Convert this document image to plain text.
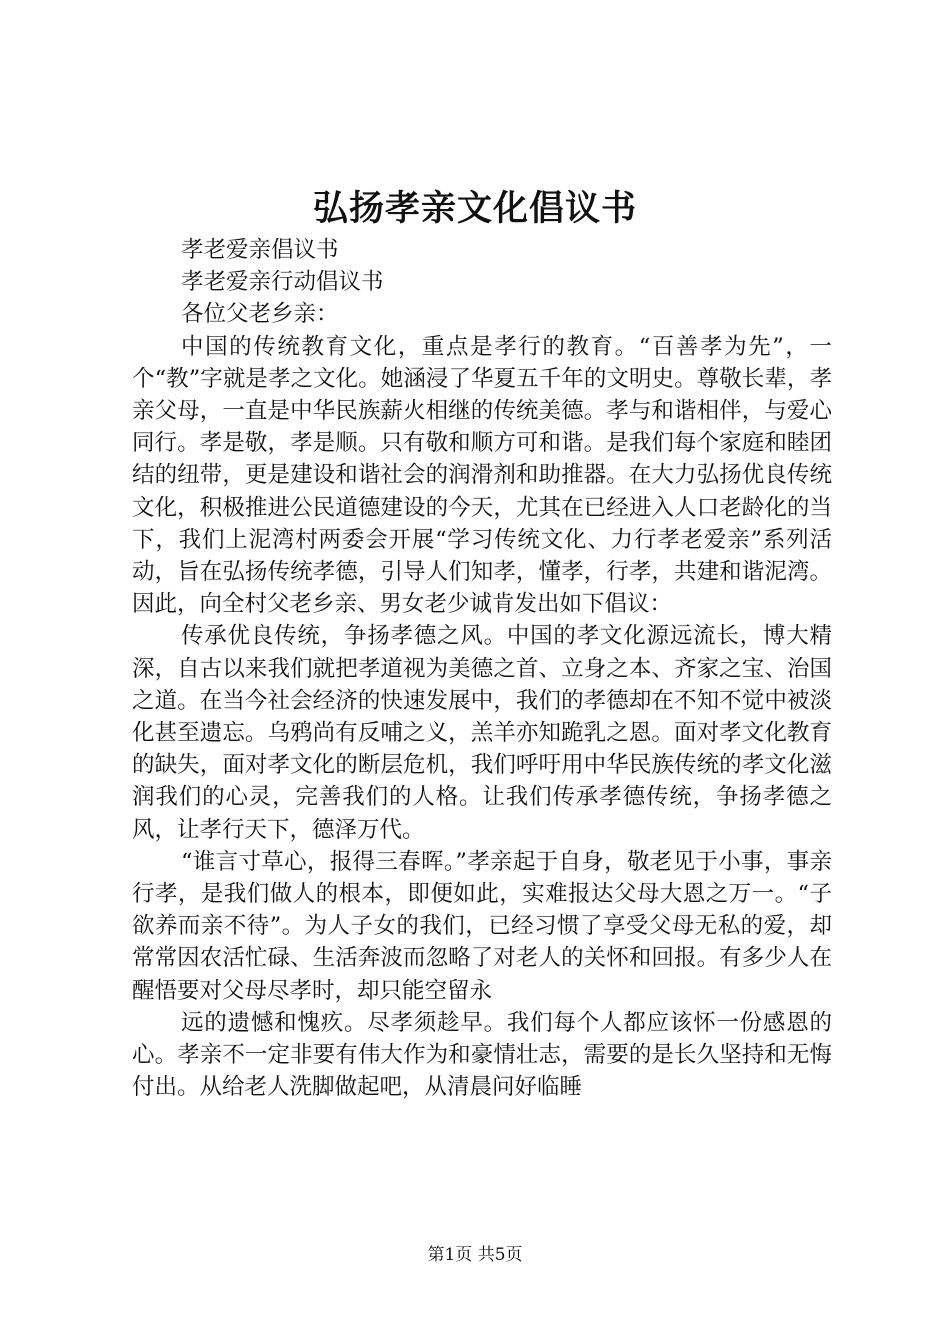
弘扬孝亲文化倡议书

孝老爱亲倡议书

孝老爱亲行动倡议书

各位父老乡亲：

中国的传统教育文化，重点是孝行的教育。“百善孝为先”，一个“教”字就是孝之文化。她涵浸了华夏五千年的文明史。尊敬长辈，孝亲父母，一直是中华民族薪火相继的传统美德。孝与和谐相伴，与爱心同行。孝是敬，孝是顺。只有敬和顺方可和谐。是我们每个家庭和睦团结的纽带，更是建设和谐社会的润滑剂和助推器。在大力弘扬优良传统文化，积极推进公民道德建设的今天，尤其在已经进入人口老龄化的当下，我们上泥湾村两委会开展“学习传统文化、力行孝老爱亲”系列活动，旨在弘扬传统孝德，引导人们知孝，懂孝，行孝，共建和谐泥湾。因此，向全村父老乡亲、男女老少诚肯发出如下倡议：

传承优良传统，争扬孝德之风。中国的孝文化源远流长，博大精深，自古以来我们就把孝道视为美德之首、立身之本、齐家之宝、治国之道。在当今社会经济的快速发展中，我们的孝德却在不知不觉中被淡化甚至遗忘。乌鸦尚有反哺之义，羔羊亦知跪乳之恩。面对孝文化教育的缺失，面对孝文化的断层危机，我们呼吁用中华民族传统的孝文化滋润我们的心灵，完善我们的人格。让我们传承孝德传统，争扬孝德之风，让孝行天下，德泽万代。

“谁言寸草心，报得三春晖。”孝亲起于自身，敬老见于小事，事亲行孝，是我们做人的根本，即便如此，实难报达父母大恩之万一。“子欲养而亲不待”。为人子女的我们，已经习惯了享受父母无私的爱，却常常因农活忙碌、生活奔波而忽略了对老人的关怀和回报。有多少人在醒悟要对父母尽孝时，却只能空留永

远的遗憾和愧疚。尽孝须趁早。我们每个人都应该怀一份感恩的心。孝亲不一定非要有伟大作为和豪情壮志，需要的是长久坚持和无悔付出。从给老人洗脚做起吧，从清晨问好临睡

第1页 共5页
